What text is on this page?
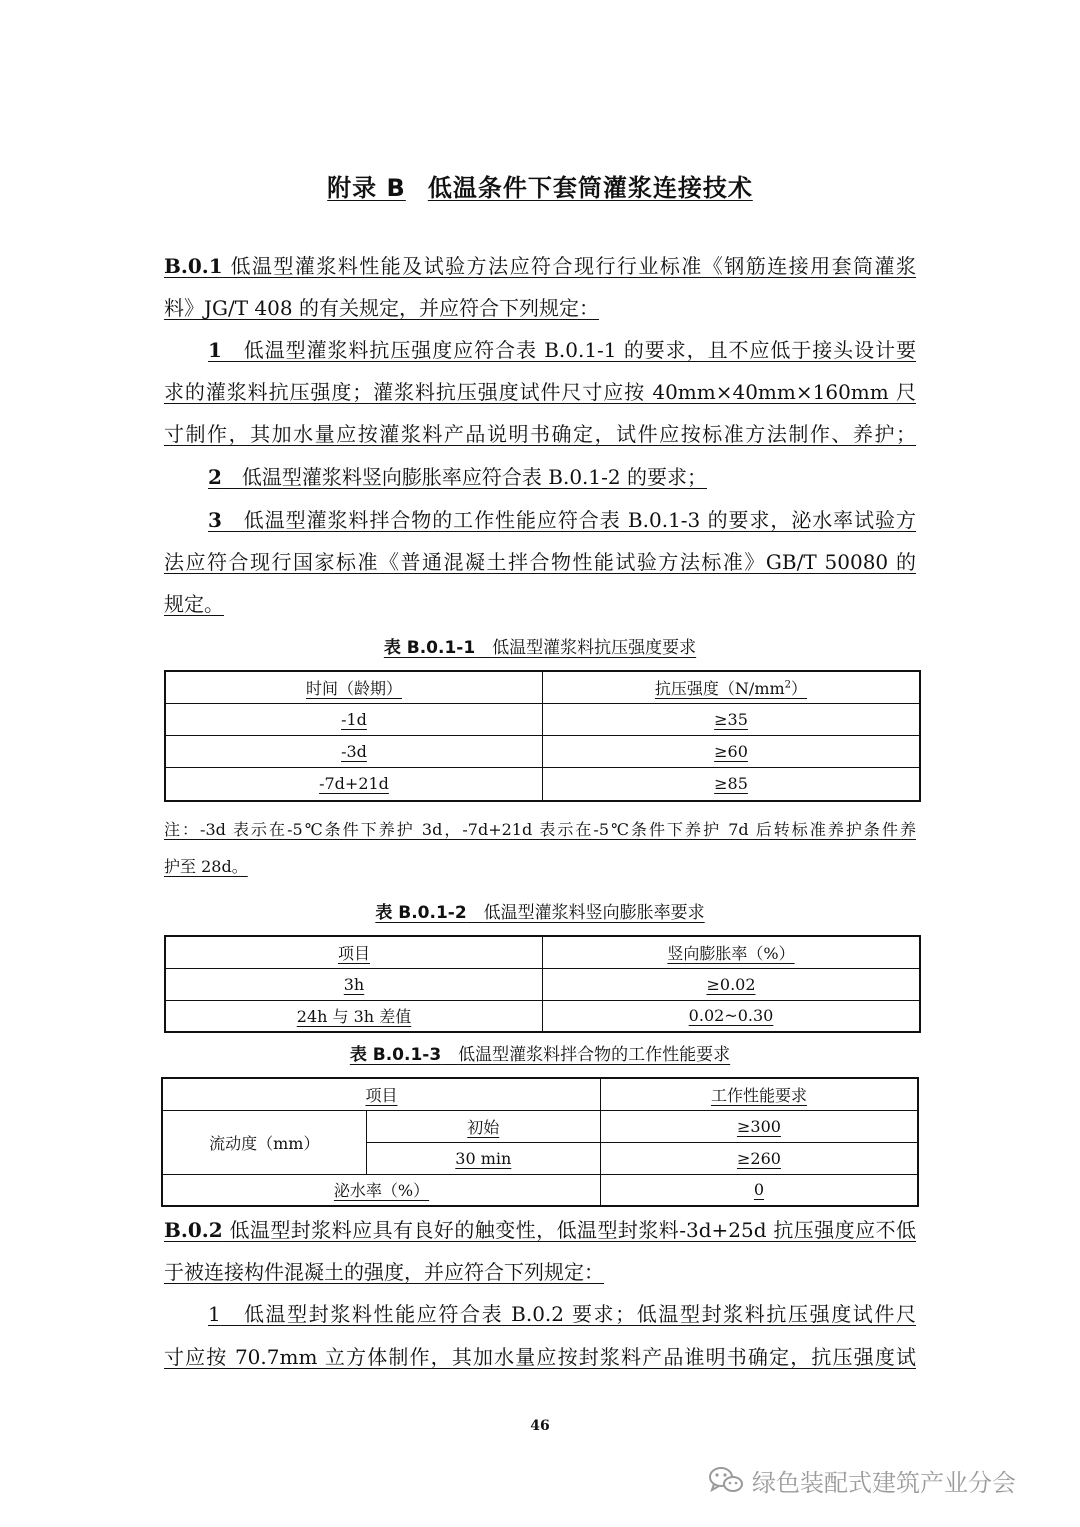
附录 B 低温条件下套筒灌浆连接技术
B.0.1 低温型灌浆料性能及试验方法应符合现行行业标准《钢筋连接用套筒灌浆
料》JG/T 408 的有关规定，并应符合下列规定：
1　低温型灌浆料抗压强度应符合表 B.0.1-1 的要求，且不应低于接头设计要
求的灌浆料抗压强度；灌浆料抗压强度试件尺寸应按 40mm×40mm×160mm 尺
寸制作，其加水量应按灌浆料产品说明书确定，试件应按标准方法制作、养护；
2　低温型灌浆料竖向膨胀率应符合表 B.0.1-2 的要求；
3　低温型灌浆料拌合物的工作性能应符合表 B.0.1-3 的要求，泌水率试验方
法应符合现行国家标准《普通混凝土拌合物性能试验方法标准》GB/T 50080 的
规定。
表 B.0.1-1　 低温型灌浆料抗压强度要求
时间（龄期）	抗压强度$(N/mm^2)$
-1d	≥35
-3d	≥60
-7d+21d	≥85
注：-3d 表示在-5℃条件下养护 3d，-7d+21d 表示在-5℃条件下养护 7d 后转标准养护条件养
护至 28d。
表 B.0.1-2　 低温型灌浆料竖向膨胀率要求
项目	竖向膨胀率（%）
3h	≥0.02
24h 与 3h 差值	0.02~0.30
表 B.0.1-3　 低温型灌浆料拌合物的工作性能要求
项目		工作性能要求
流动度（mm）	初始	≥300
	30 min	≥260
泌水率（%）		0
B.0.2 低温型封浆料应具有良好的触变性，低温型封浆料-3d+25d 抗压强度应不低
于被连接构件混凝土的强度，并应符合下列规定：
1　低温型封浆料性能应符合表 B.0.2 要求；低温型封浆料抗压强度试件尺
寸应按 70.7mm 立方体制作，其加水量应按封浆料产品谁明书确定，抗压强度试
46
绿色装配式建筑产业分会
